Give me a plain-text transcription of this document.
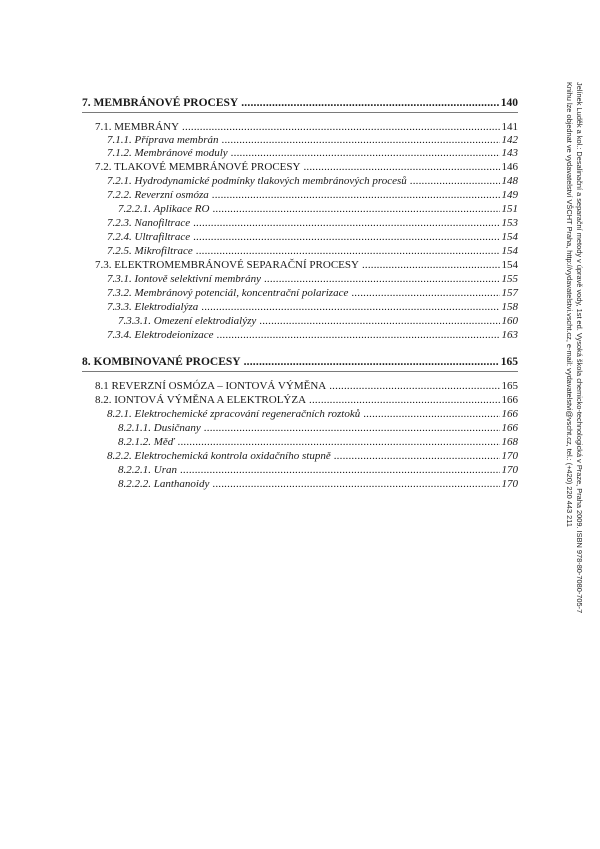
7. MEMBRÁNOVÉ PROCESY .....	140
7.1. MEMBRÁNY .....	141
7.1.1. Příprava membrán .....	142
7.1.2. Membránové moduly .....	143
7.2. TLAKOVÉ MEMBRÁNOVÉ PROCESY .....	146
7.2.1. Hydrodynamické podmínky tlakových membránových procesů .....	148
7.2.2. Reverzní osmóza .....	149
7.2.2.1. Aplikace RO .....	151
7.2.3. Nanofiltrace .....	153
7.2.4. Ultrafiltrace .....	154
7.2.5. Mikrofiltrace .....	154
7.3. ELEKTROMEMBRÁNOVÉ SEPARAČNÍ PROCESY .....	154
7.3.1. Iontově selektivní membrány .....	155
7.3.2. Membránový potenciál, koncentrační polarizace .....	157
7.3.3. Elektrodialýza .....	158
7.3.3.1. Omezení elektrodialýzy .....	160
7.3.4. Elektrodeionizace .....	163
8. KOMBINOVANÉ PROCESY .....	165
8.1 REVERZNÍ OSMÓZA – IONTOVÁ VÝMĚNA .....	165
8.2. IONTOVÁ VÝMĚNA A ELEKTROLÝZA .....	166
8.2.1. Elektrochemické zpracování regeneračních roztoků .....	166
8.2.1.1. Dusičnany .....	166
8.2.1.2. Měď .....	168
8.2.2. Elektrochemická kontrola oxidačního stupně .....	170
8.2.2.1. Uran .....	170
8.2.2.2. Lanthanoidy .....	170	Jelínek Luděk a kol.: Desalinační a separační metody v úpravě vody, 1st ed. Vysoká škola chemicko-technologická v Praze, Praha 2009. ISBN 978-80-7080-705-7
Knihu lze objednat ve vydavatelství VŠCHT Praha, http://vydavatelstvi.vscht.cz, e-mail: vydavatelstvi@vscht.cz, tel.: (+420) 220 443 211
